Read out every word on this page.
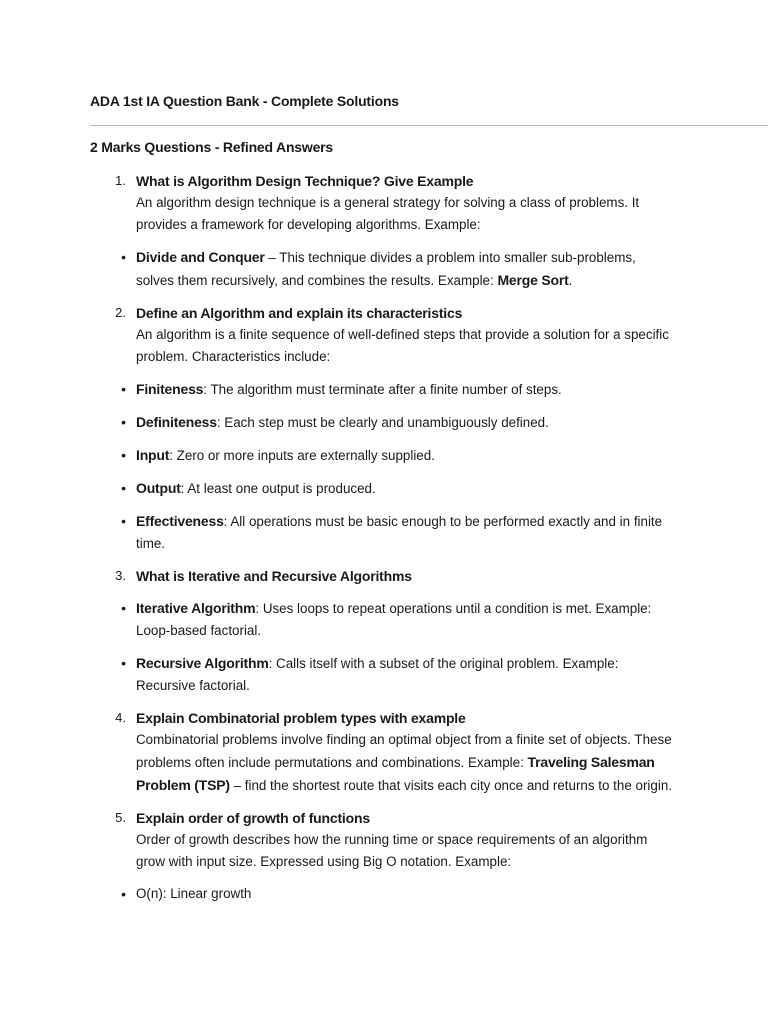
ADA 1st IA Question Bank - Complete Solutions
2 Marks Questions - Refined Answers
1. What is Algorithm Design Technique? Give Example
An algorithm design technique is a general strategy for solving a class of problems. It provides a framework for developing algorithms. Example:
• Divide and Conquer – This technique divides a problem into smaller sub-problems, solves them recursively, and combines the results. Example: Merge Sort.
2. Define an Algorithm and explain its characteristics
An algorithm is a finite sequence of well-defined steps that provide a solution for a specific problem. Characteristics include:
• Finiteness: The algorithm must terminate after a finite number of steps.
• Definiteness: Each step must be clearly and unambiguously defined.
• Input: Zero or more inputs are externally supplied.
• Output: At least one output is produced.
• Effectiveness: All operations must be basic enough to be performed exactly and in finite time.
3. What is Iterative and Recursive Algorithms
• Iterative Algorithm: Uses loops to repeat operations until a condition is met. Example: Loop-based factorial.
• Recursive Algorithm: Calls itself with a subset of the original problem. Example: Recursive factorial.
4. Explain Combinatorial problem types with example
Combinatorial problems involve finding an optimal object from a finite set of objects. These problems often include permutations and combinations. Example: Traveling Salesman Problem (TSP) – find the shortest route that visits each city once and returns to the origin.
5. Explain order of growth of functions
Order of growth describes how the running time or space requirements of an algorithm grow with input size. Expressed using Big O notation. Example:
• O(n): Linear growth
